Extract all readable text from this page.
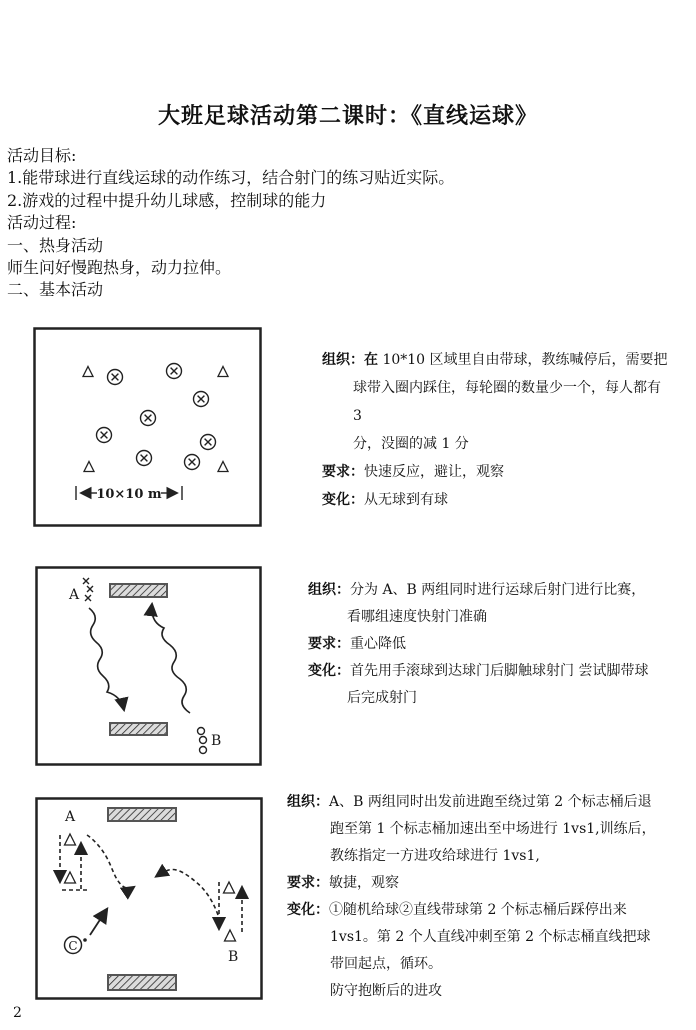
大班足球活动第二课时：《直线运球》
活动目标:
1.能带球进行直线运球的动作练习，结合射门的练习贴近实际。
2.游戏的过程中提升幼儿球感，控制球的能力
活动过程:
一、热身活动
师生问好慢跑热身，动力拉伸。
二、基本活动
10×10 m
组织：在 10*10 区域里自由带球，教练喊停后，需要把
球带入圈内踩住，每轮圈的数量少一个，每人都有
3
分，没圈的减 1 分
要求：快速反应，避让，观察
变化：从无球到有球
A
B
组织：分为 A、B 两组同时进行运球后射门进行比赛，
看哪组速度快射门准确
要求：重心降低
变化：首先用手滚球到达球门后脚触球射门 尝试脚带球
后完成射门
A
C
B
组织：A、B 两组同时出发前进跑至绕过第 2 个标志桶后退
跑至第 1 个标志桶加速出至中场进行 1vs1,训练后，
教练指定一方进攻给球进行 1vs1,
要求：敏捷，观察
变化：①随机给球②直线带球第 2 个标志桶后踩停出来
1vs1。第 2 个人直线冲刺至第 2 个标志桶直线把球
带回起点，循环。
防守抱断后的进攻
2
